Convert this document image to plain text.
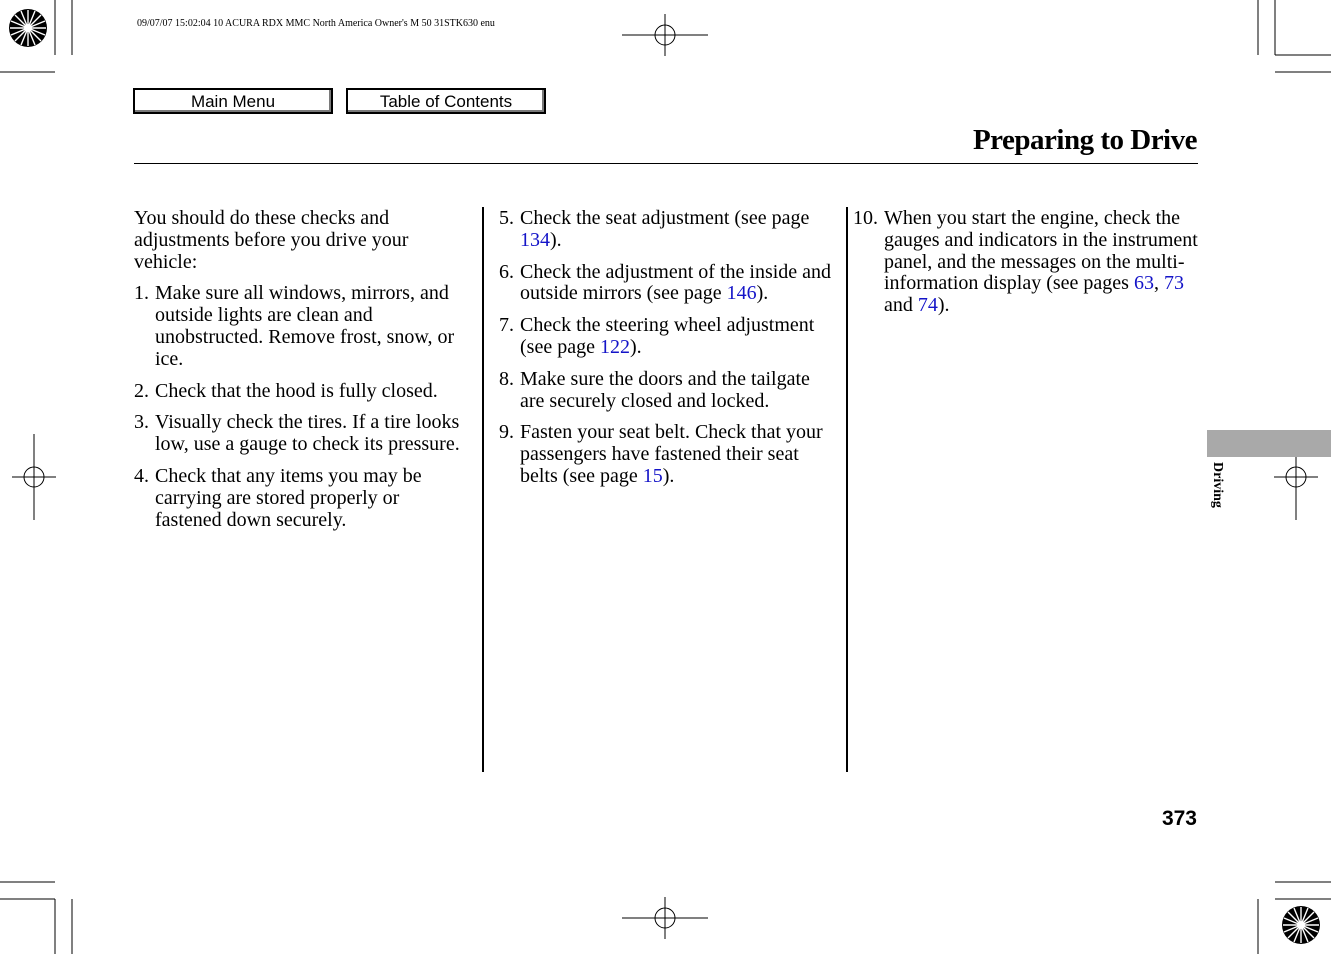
09/07/07 15:02:04 10 ACURA RDX MMC North America Owner's M 50 31STK630 enu
Main Menu	Table of Contents
Preparing to Drive

You should do these checks and adjustments before you drive your vehicle:

1. Make sure all windows, mirrors, and outside lights are clean and unobstructed. Remove frost, snow, or ice.
2. Check that the hood is fully closed.
3. Visually check the tires. If a tire looks low, use a gauge to check its pressure.
4. Check that any items you may be carrying are stored properly or fastened down securely.
5. Check the seat adjustment (see page 134).
6. Check the adjustment of the inside and outside mirrors (see page 146).
7. Check the steering wheel adjustment (see page 122).
8. Make sure the doors and the tailgate are securely closed and locked.
9. Fasten your seat belt. Check that your passengers have fastened their seat belts (see page 15).
10. When you start the engine, check the gauges and indicators in the instrument panel, and the messages on the multi-information display (see pages 63, 73 and 74).
373
Driving
